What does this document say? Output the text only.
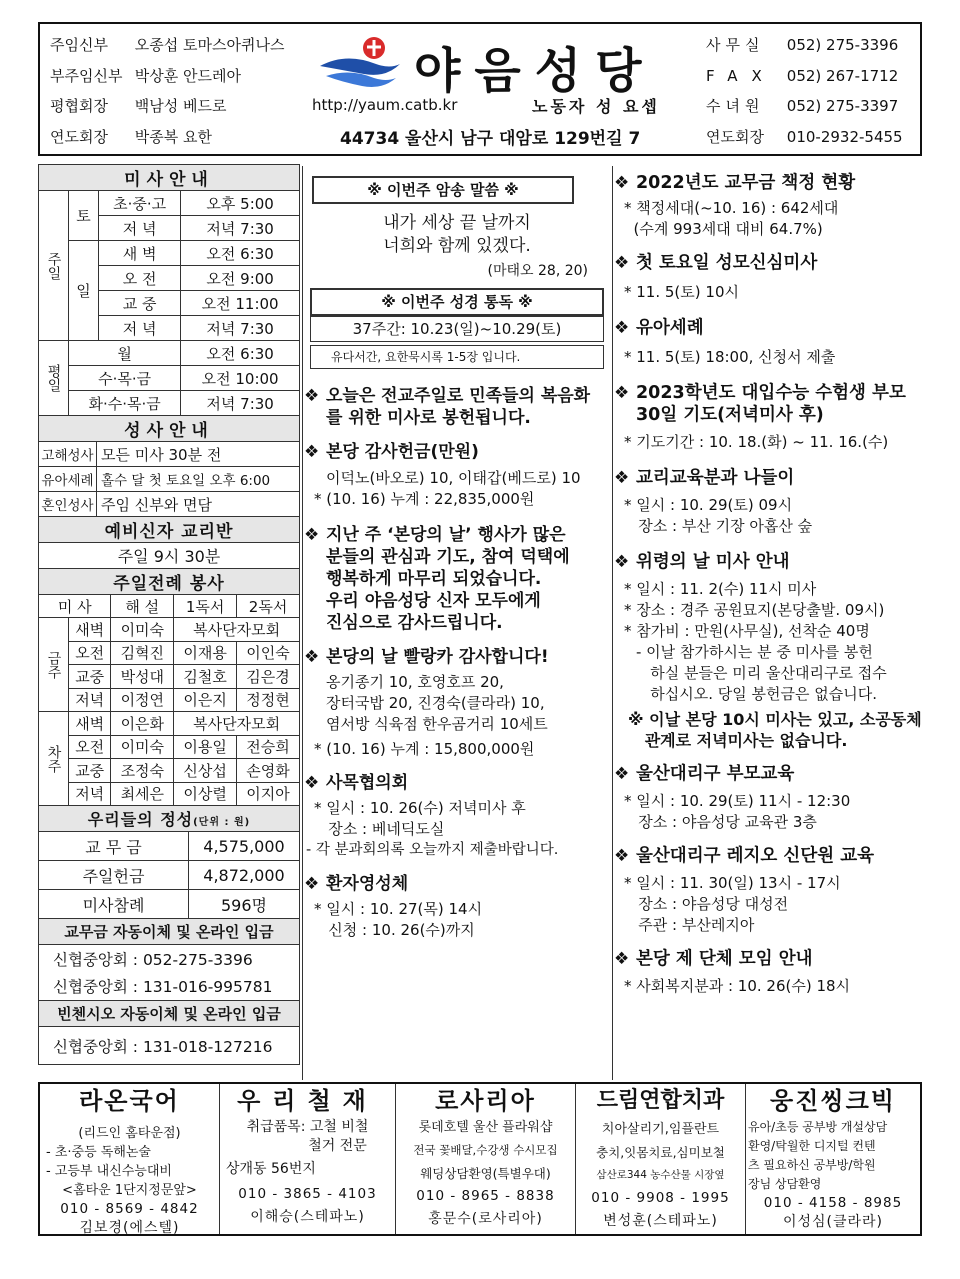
주임신부 오종섭 토마스아퀴나스
부주임신부 박상훈 안드레아
평협회장 백남성 베드로
연도회장 박종복 요한
야음성당
http://yaum.catb.kr	노동자 성 요셉
44734 울산시 남구 대암로 129번길 7
사무실 052) 275-3396
FAX 052) 267-1712
수녀원 052) 275-3397
연도회장 010-2932-5455
미사안내			
주일	토	초·중·고	오후 5:00
		저 녁	저녁 7:30
	일	새 벽	오전 6:30
		오 전	오전 9:00
		교 중	오전 11:00
		저 녁	저녁 7:30
평일	월		오전 6:30
	수·목·금		오전 10:00
	화·수·목·금		저녁 7:30
성사안내	
고해성사	모든 미사 30분 전
유아세례	홀수 달 첫 토요일 오후 6:00
혼인성사	주임 신부와 면담
예비신자 교리반
주일 9시 30분
주일전례 봉사				
미 사		해 설	1독서	2독서
금주	새벽	이미숙	복사단자모회	
	오전	김혁진	이재용	이인숙
	교중	박성대	김철호	김은경
	저녁	이정연	이은지	정정현
차주	새벽	이은화	복사단자모회	
	오전	이미숙	이용일	전승희
	교중	조정숙	신상섭	손영화
	저녁	최세은	이상렬	이지아
우리들의 정성(단위 : 원)	
교 무 금	4,575,000
주일헌금	4,872,000
미사참례	596명
교무금 자동이체 및 온라인 입금
신협중앙회 : 052-275-3396
신협중앙회 : 131-016-995781
빈첸시오 자동이체 및 온라인 입금
신협중앙회 : 131-018-127216
※ 이번주 암송 말씀 ※
내가 세상 끝 날까지
너희와 함께 있겠다.
(마태오 28, 20)
※ 이번주 성경 통독 ※
37주간: 10.23(일)~10.29(토)
유다서간, 요한묵시록 1-5장 입니다.
❖ 오늘은 전교주일로 민족들의 복음화
를 위한 미사로 봉헌됩니다.
❖ 본당 감사헌금(만원)
이덕노(바오로) 10, 이태갑(베드로) 10
* (10. 16) 누계 : 22,835,000원
❖ 지난 주 ‘본당의 날’ 행사가 많은
분들의 관심과 기도, 참여 덕택에
행복하게 마무리 되었습니다.
우리 야음성당 신자 모두에게
진심으로 감사드립니다.
❖ 본당의 날 빨랑카 감사합니다!
옹기종기 10, 호영호프 20,
장터국밥 20, 진경숙(클라라) 10,
염서방 식육점 한우곰거리 10세트
* (10. 16) 누계 : 15,800,000원
❖ 사목협의회
* 일시 : 10. 26(수) 저녁미사 후
장소 : 베네딕도실
- 각 분과회의록 오늘까지 제출바랍니다.
❖ 환자영성체
* 일시 : 10. 27(목) 14시
신청 : 10. 26(수)까지
❖ 2022년도 교무금 책정 현황
* 책정세대(~10. 16) : 642세대
(수계 993세대 대비 64.7%)
❖ 첫 토요일 성모신심미사
* 11. 5(토) 10시
❖ 유아세례
* 11. 5(토) 18:00, 신청서 제출
❖ 2023학년도 대입수능 수험생 부모
30일 기도(저녁미사 후)
* 기도기간 : 10. 18.(화) ~ 11. 16.(수)
❖ 교리교육분과 나들이
* 일시 : 10. 29(토) 09시
장소 : 부산 기장 아홉산 숲
❖ 위령의 날 미사 안내
* 일시 : 11. 2(수) 11시 미사
* 장소 : 경주 공원묘지(본당출발. 09시)
* 참가비 : 만원(사무실), 선착순 40명
- 이날 참가하시는 분 중 미사를 봉헌
하실 분들은 미리 울산대리구로 접수
하십시오. 당일 봉헌금은 없습니다.
※ 이날 본당 10시 미사는 있고, 소공동체
관계로 저녁미사는 없습니다.
❖ 울산대리구 부모교육
* 일시 : 10. 29(토) 11시 - 12:30
장소 : 야음성당 교육관 3층
❖ 울산대리구 레지오 신단원 교육
* 일시 : 11. 30(일) 13시 - 17시
장소 : 야음성당 대성전
주관 : 부산레지아
❖ 본당 제 단체 모임 안내
* 사회복지분과 : 10. 26(수) 18시
라온국어
(리드인 홈타운점)
- 초·중등 독해논술
- 고등부 내신수능대비
<홈타운 1단지정문앞>
010 - 8569 - 4842
김보경(에스텔)
우리철재
취급품목: 고철 비철
철거 전문
상개동 56번지
010 - 3865 - 4103
이해승(스테파노)
로사리아
롯데호텔 울산 플라워샵
전국 꽃배달,수강생 수시모집
웨딩상담환영(특별우대)
010 - 8965 - 8838
홍문수(로사리아)
드림연합치과
치아살리기,임플란트
충치,잇몸치료,심미보철
삼산로344 농수산물 시장옆
010 - 9908 - 1995
변성훈(스테파노)
웅진씽크빅
유아/초등 공부방 개설상담
환영/탁월한 디지털 컨텐
츠 필요하신 공부방/학원
장님 상담환영
010 - 4158 - 8985
이성심(클라라)
